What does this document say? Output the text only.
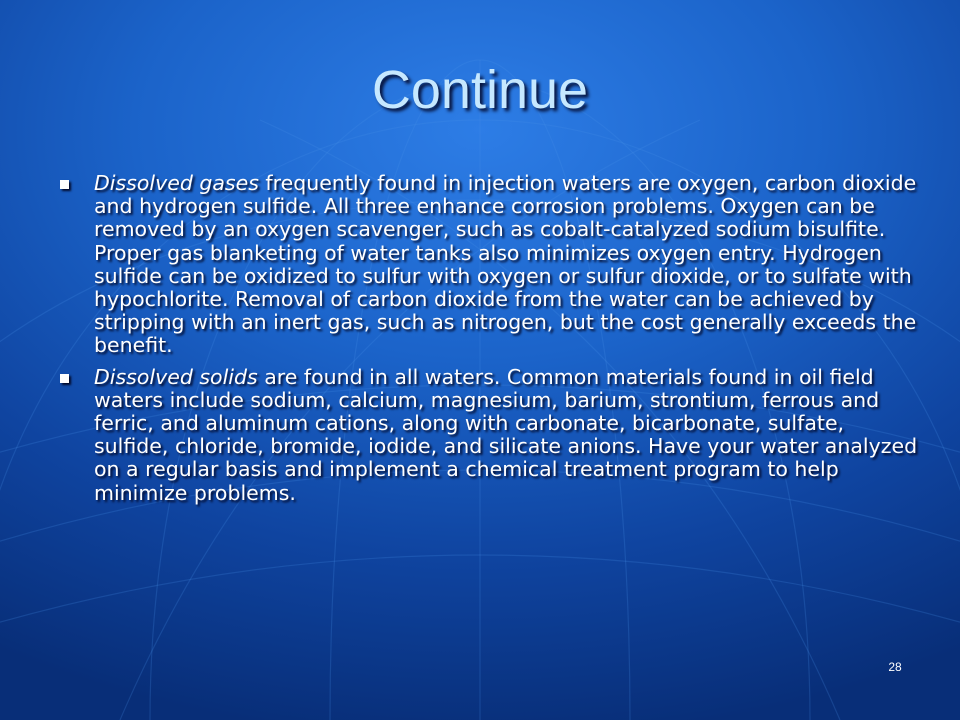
Continue
Dissolved gases frequently found in injection waters are oxygen, carbon dioxide and hydrogen sulfide. All three enhance corrosion problems. Oxygen can be removed by an oxygen scavenger, such as cobalt-catalyzed sodium bisulfite. Proper gas blanketing of water tanks also minimizes oxygen entry. Hydrogen sulfide can be oxidized to sulfur with oxygen or sulfur dioxide, or to sulfate with hypochlorite. Removal of carbon dioxide from the water can be achieved by stripping with an inert gas, such as nitrogen, but the cost generally exceeds the benefit.
Dissolved solids are found in all waters. Common materials found in oil field waters include sodium, calcium, magnesium, barium, strontium, ferrous and ferric, and aluminum cations, along with carbonate, bicarbonate, sulfate, sulfide, chloride, bromide, iodide, and silicate anions. Have your water analyzed on a regular basis and implement a chemical treatment program to help minimize problems.
28
